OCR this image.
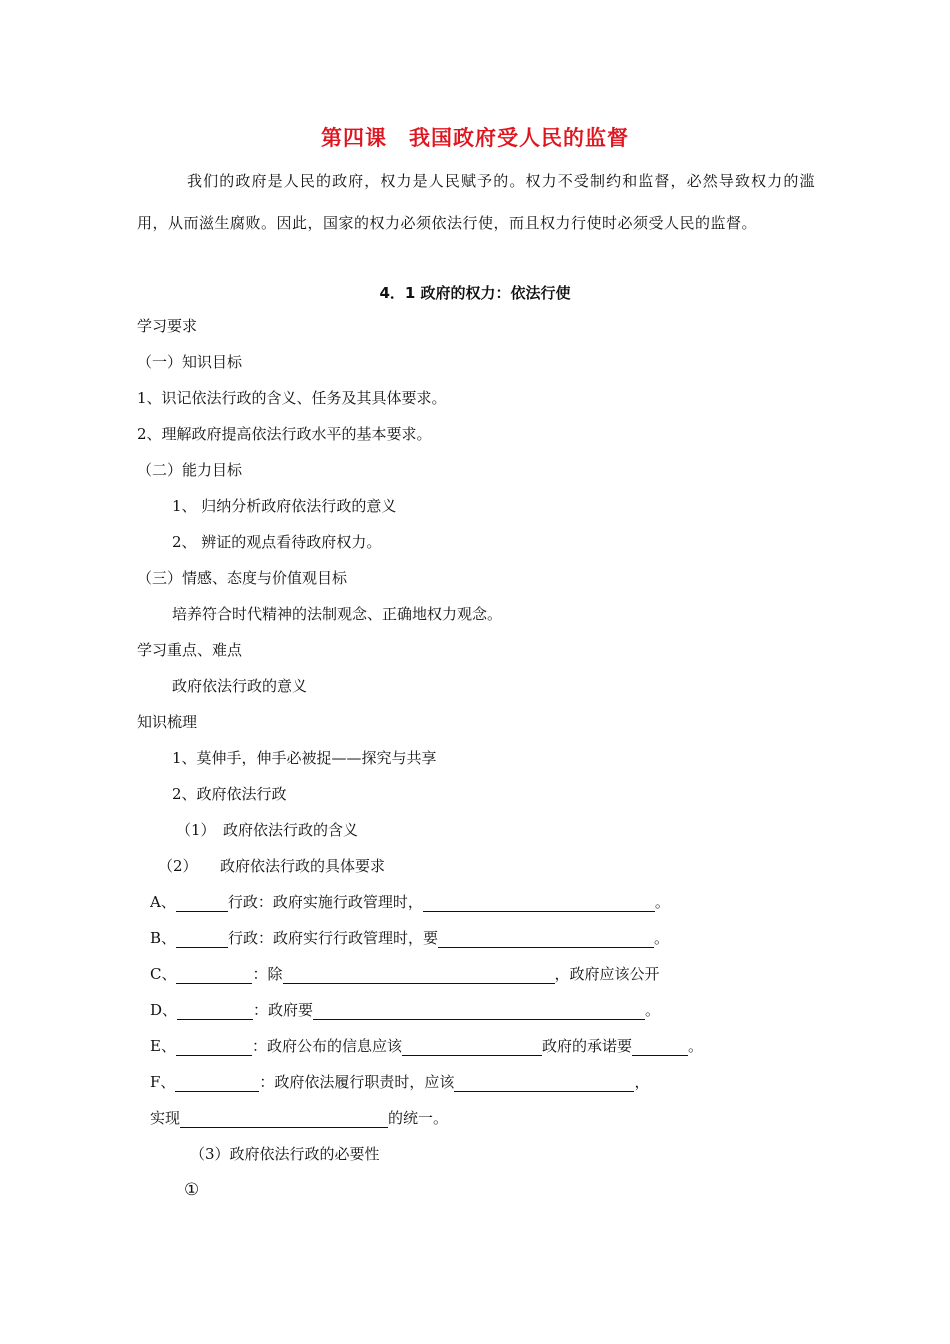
第四课　我国政府受人民的监督
我们的政府是人民的政府，权力是人民赋予的。权力不受制约和监督，必然导致权力的滥用，从而滋生腐败。因此，国家的权力必须依法行使，而且权力行使时必须受人民的监督。
4．1 政府的权力：依法行使
学习要求
（一）知识目标
1、识记依法行政的含义、任务及其具体要求。
2、理解政府提高依法行政水平的基本要求。
（二）能力目标
1、 归纳分析政府依法行政的意义
2、 辨证的观点看待政府权力。
（三）情感、态度与价值观目标
培养符合时代精神的法制观念、正确地权力观念。
学习重点、难点
政府依法行政的意义
知识梳理
1、莫伸手，伸手必被捉——探究与共享
2、政府依法行政
（1）　政府依法行政的含义
（2）　　政府依法行政的具体要求
A、	行政：政府实施行政管理时，	。
B、	行政：政府实行行政管理时，要	。
C、	：除	，政府应该公开
D、	：政府要	。
E、	：政府公布的信息应该	政府的承诺要	。
F、	：政府依法履行职责时，应该	，
实现	的统一。
（3）政府依法行政的必要性
①
